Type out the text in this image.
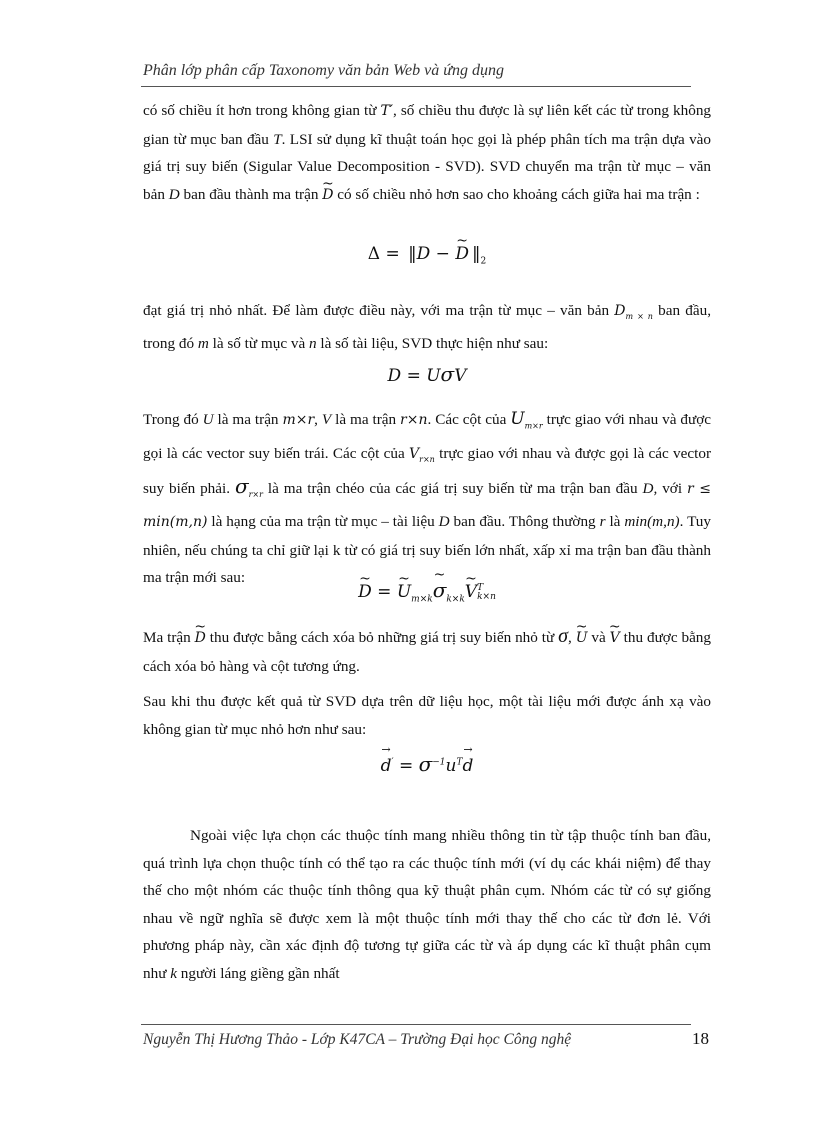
Phân lớp phân cấp Taxonomy văn bản Web và ứng dụng
có số chiều ít hơn trong không gian từ T′, số chiều thu được là sự liên kết các từ trong không gian từ mục ban đầu T. LSI sử dụng kĩ thuật toán học gọi là phép phân tích ma trận dựa vào giá trị suy biến (Sigular Value Decomposition - SVD). SVD chuyển ma trận từ mục – văn bản D ban đầu thành ma trận ~ D có số chiều nhỏ hơn sao cho khoảng cách giữa hai ma trận :
Δ = ‖ D − ~ D ‖ $_2$
đạt giá trị nhỏ nhất. Để làm được điều này, với ma trận từ mục – văn bản $D_{m \times n}$ ban đầu, trong đó m là số từ mục và n là số tài liệu, SVD thực hiện như sau:
D = UσV
Trong đó U là ma trận m×r, V là ma trận r×n. Các cột của $U_{m\times r}$ trực giao với nhau và được gọi là các vector suy biến trái. Các cột của $V_{r\times n}$ trực giao với nhau và được gọi là các vector suy biến phải. $\sigma_{r\times r}$ là ma trận chéo của các giá trị suy biến từ ma trận ban đầu D, với r ≤ min(m,n) là hạng của ma trận từ mục – tài liệu D ban đầu. Thông thường r là min(m,n). Tuy nhiên, nếu chúng ta chỉ giữ lại k từ có giá trị suy biến lớn nhất, xấp xỉ ma trận ban đầu thành ma trận mới sau:
~ D = ~ $U_{m\times k}\sim$ $\sigma_{k\times k}\sim$ V T
k×n
Ma trận ~ D thu được bằng cách xóa bỏ những giá trị suy biến nhỏ từ σ, ~ U và ~ V thu được bằng cách xóa bỏ hàng và cột tương ứng.
Sau khi thu được kết quả từ SVD dựa trên dữ liệu học, một tài liệu mới được ánh xạ vào không gian từ mục nhỏ hơn như sau:
→ $d' = \sigma^{-1}u^T\to d$
Ngoài việc lựa chọn các thuộc tính mang nhiều thông tin từ tập thuộc tính ban đầu, quá trình lựa chọn thuộc tính có thể tạo ra các thuộc tính mới (ví dụ các khái niệm) để thay thế cho một nhóm các thuộc tính thông qua kỹ thuật phân cụm. Nhóm các từ có sự giống nhau về ngữ nghĩa sẽ được xem là một thuộc tính mới thay thế cho các từ đơn lẻ. Với phương pháp này, cần xác định độ tương tự giữa các từ và áp dụng các kĩ thuật phân cụm như k người láng giềng gần nhất
Nguyễn Thị Hương Thảo - Lớp K47CA – Trường Đại học Công nghệ	18
